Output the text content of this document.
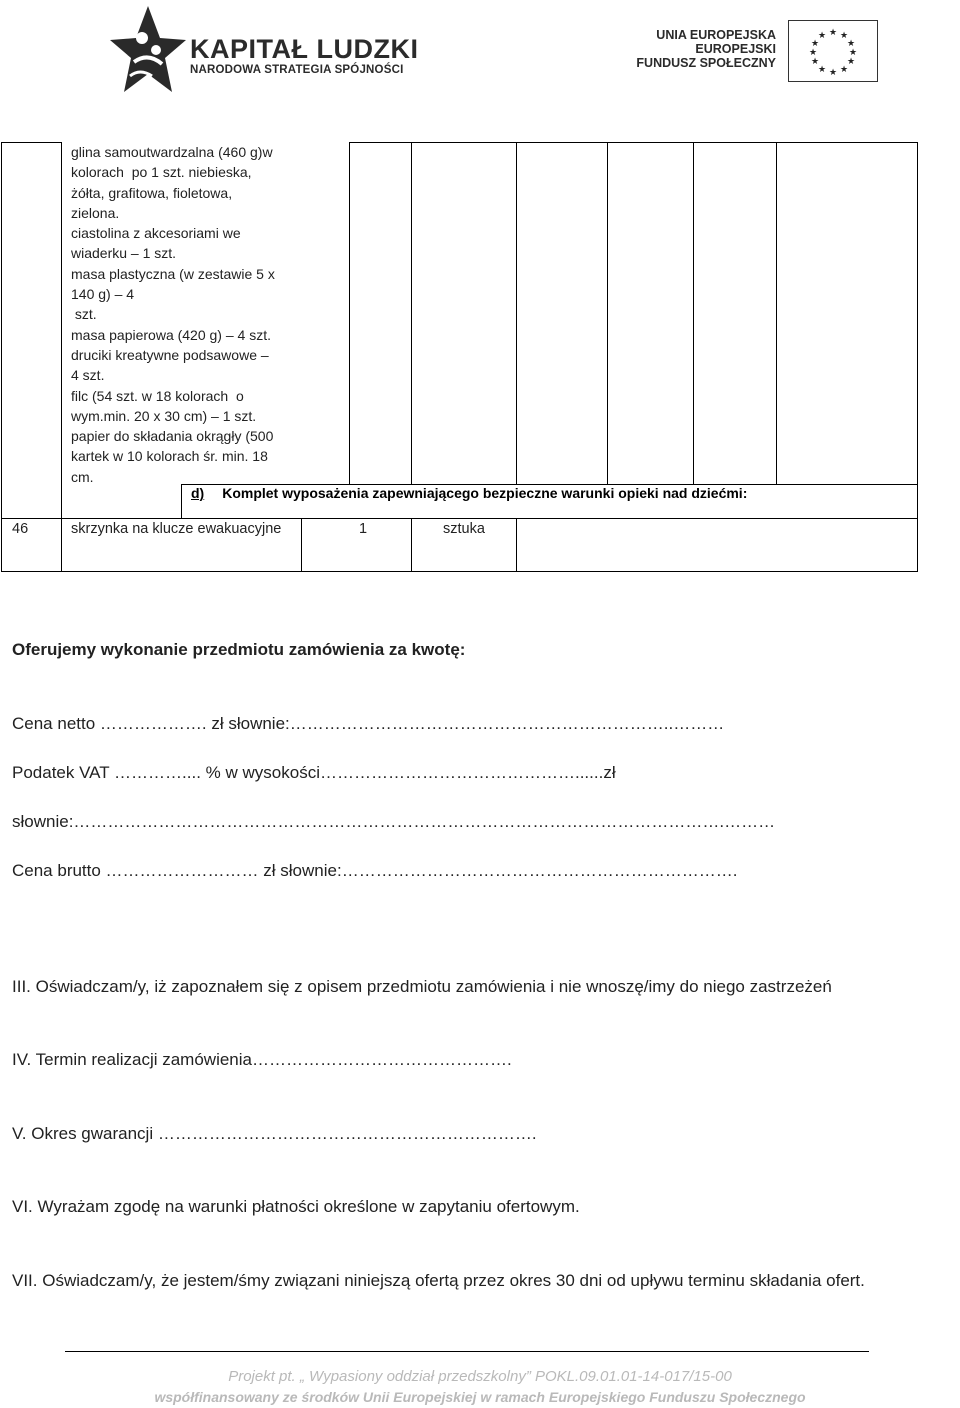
KAPITAŁ LUDZKI
NARODOWA STRATEGIA SPÓJNOŚCI
UNIA EUROPEJSKA
EUROPEJSKI
FUNDUSZ SPOŁECZNY
★ ★
★
★
★
★
★
★
★
★
★
★
glina samoutwardzalna (460 g)w
kolorach  po 1 szt. niebieska,
żółta, grafitowa, fioletowa,
zielona.
ciastolina z akcesoriami we
wiaderku – 1 szt.
masa plastyczna (w zestawie 5 x
140 g) – 4
szt.
masa papierowa (420 g) – 4 szt.
druciki kreatywne podsawowe –
4 szt.
filc (54 szt. w 18 kolorach  o
wym.min. 20 x 30 cm) – 1 szt.
papier do składania okrągły (500
kartek w 10 kolorach śr. min. 18
cm.
d) Komplet wyposażenia zapewniającego bezpieczne warunki opieki nad dziećmi:
46	skrzynka na klucze ewakuacyjne	1	sztuka
Oferujemy wykonanie przedmiotu zamówienia za kwotę:
Cena netto ………………. zł słownie:…………………………………………………………..………
Podatek VAT ………….... % w wysokości………………………………………......zł
słownie:…………………………………………………………………………………………………….………
Cena brutto ……………………… zł słownie:…………………………………………………………….
III. Oświadczam/y, iż zapoznałem się z opisem przedmiotu zamówienia i nie wnoszę/imy do niego zastrzeżeń
IV. Termin realizacji zamówienia……………………………………….
V. Okres gwarancji ………………………………………………………….
VI. Wyrażam zgodę na warunki płatności określone w zapytaniu ofertowym.
VII. Oświadczam/y, że jestem/śmy związani niniejszą ofertą przez okres 30 dni od upływu terminu składania ofert.
Projekt pt. „ Wypasiony oddział przedszkolny” POKL.09.01.01-14-017/15-00
współfinansowany ze środków Unii Europejskiej w ramach Europejskiego Funduszu Społecznego
